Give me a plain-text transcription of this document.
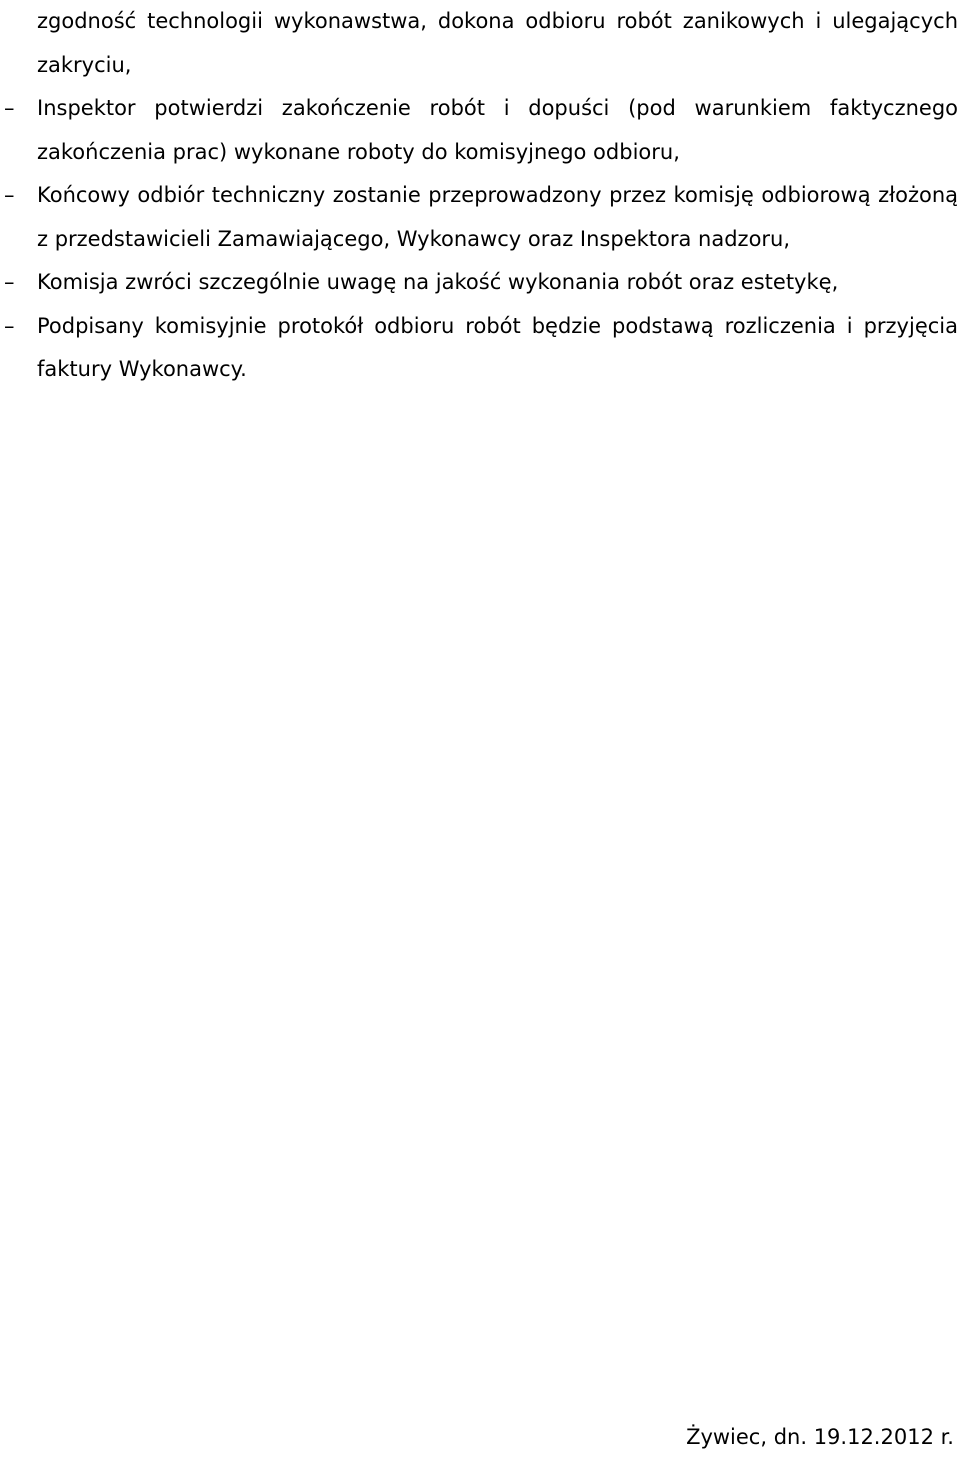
zgodność technologii wykonawstwa, dokona odbioru robót zanikowych i ulegających zakryciu,

–	Inspektor potwierdzi zakończenie robót i dopuści (pod warunkiem faktycznego zakończenia prac) wykonane roboty do komisyjnego odbioru,
–	Końcowy odbiór techniczny zostanie przeprowadzony przez komisję odbiorową złożoną z przedstawicieli Zamawiającego, Wykonawcy oraz Inspektora nadzoru,
–	Komisja zwróci szczególnie uwagę na jakość wykonania robót oraz estetykę,
–	Podpisany komisyjnie protokół odbioru robót będzie podstawą rozliczenia i przyjęcia faktury Wykonawcy.
Żywiec, dn. 19.12.2012 r.
